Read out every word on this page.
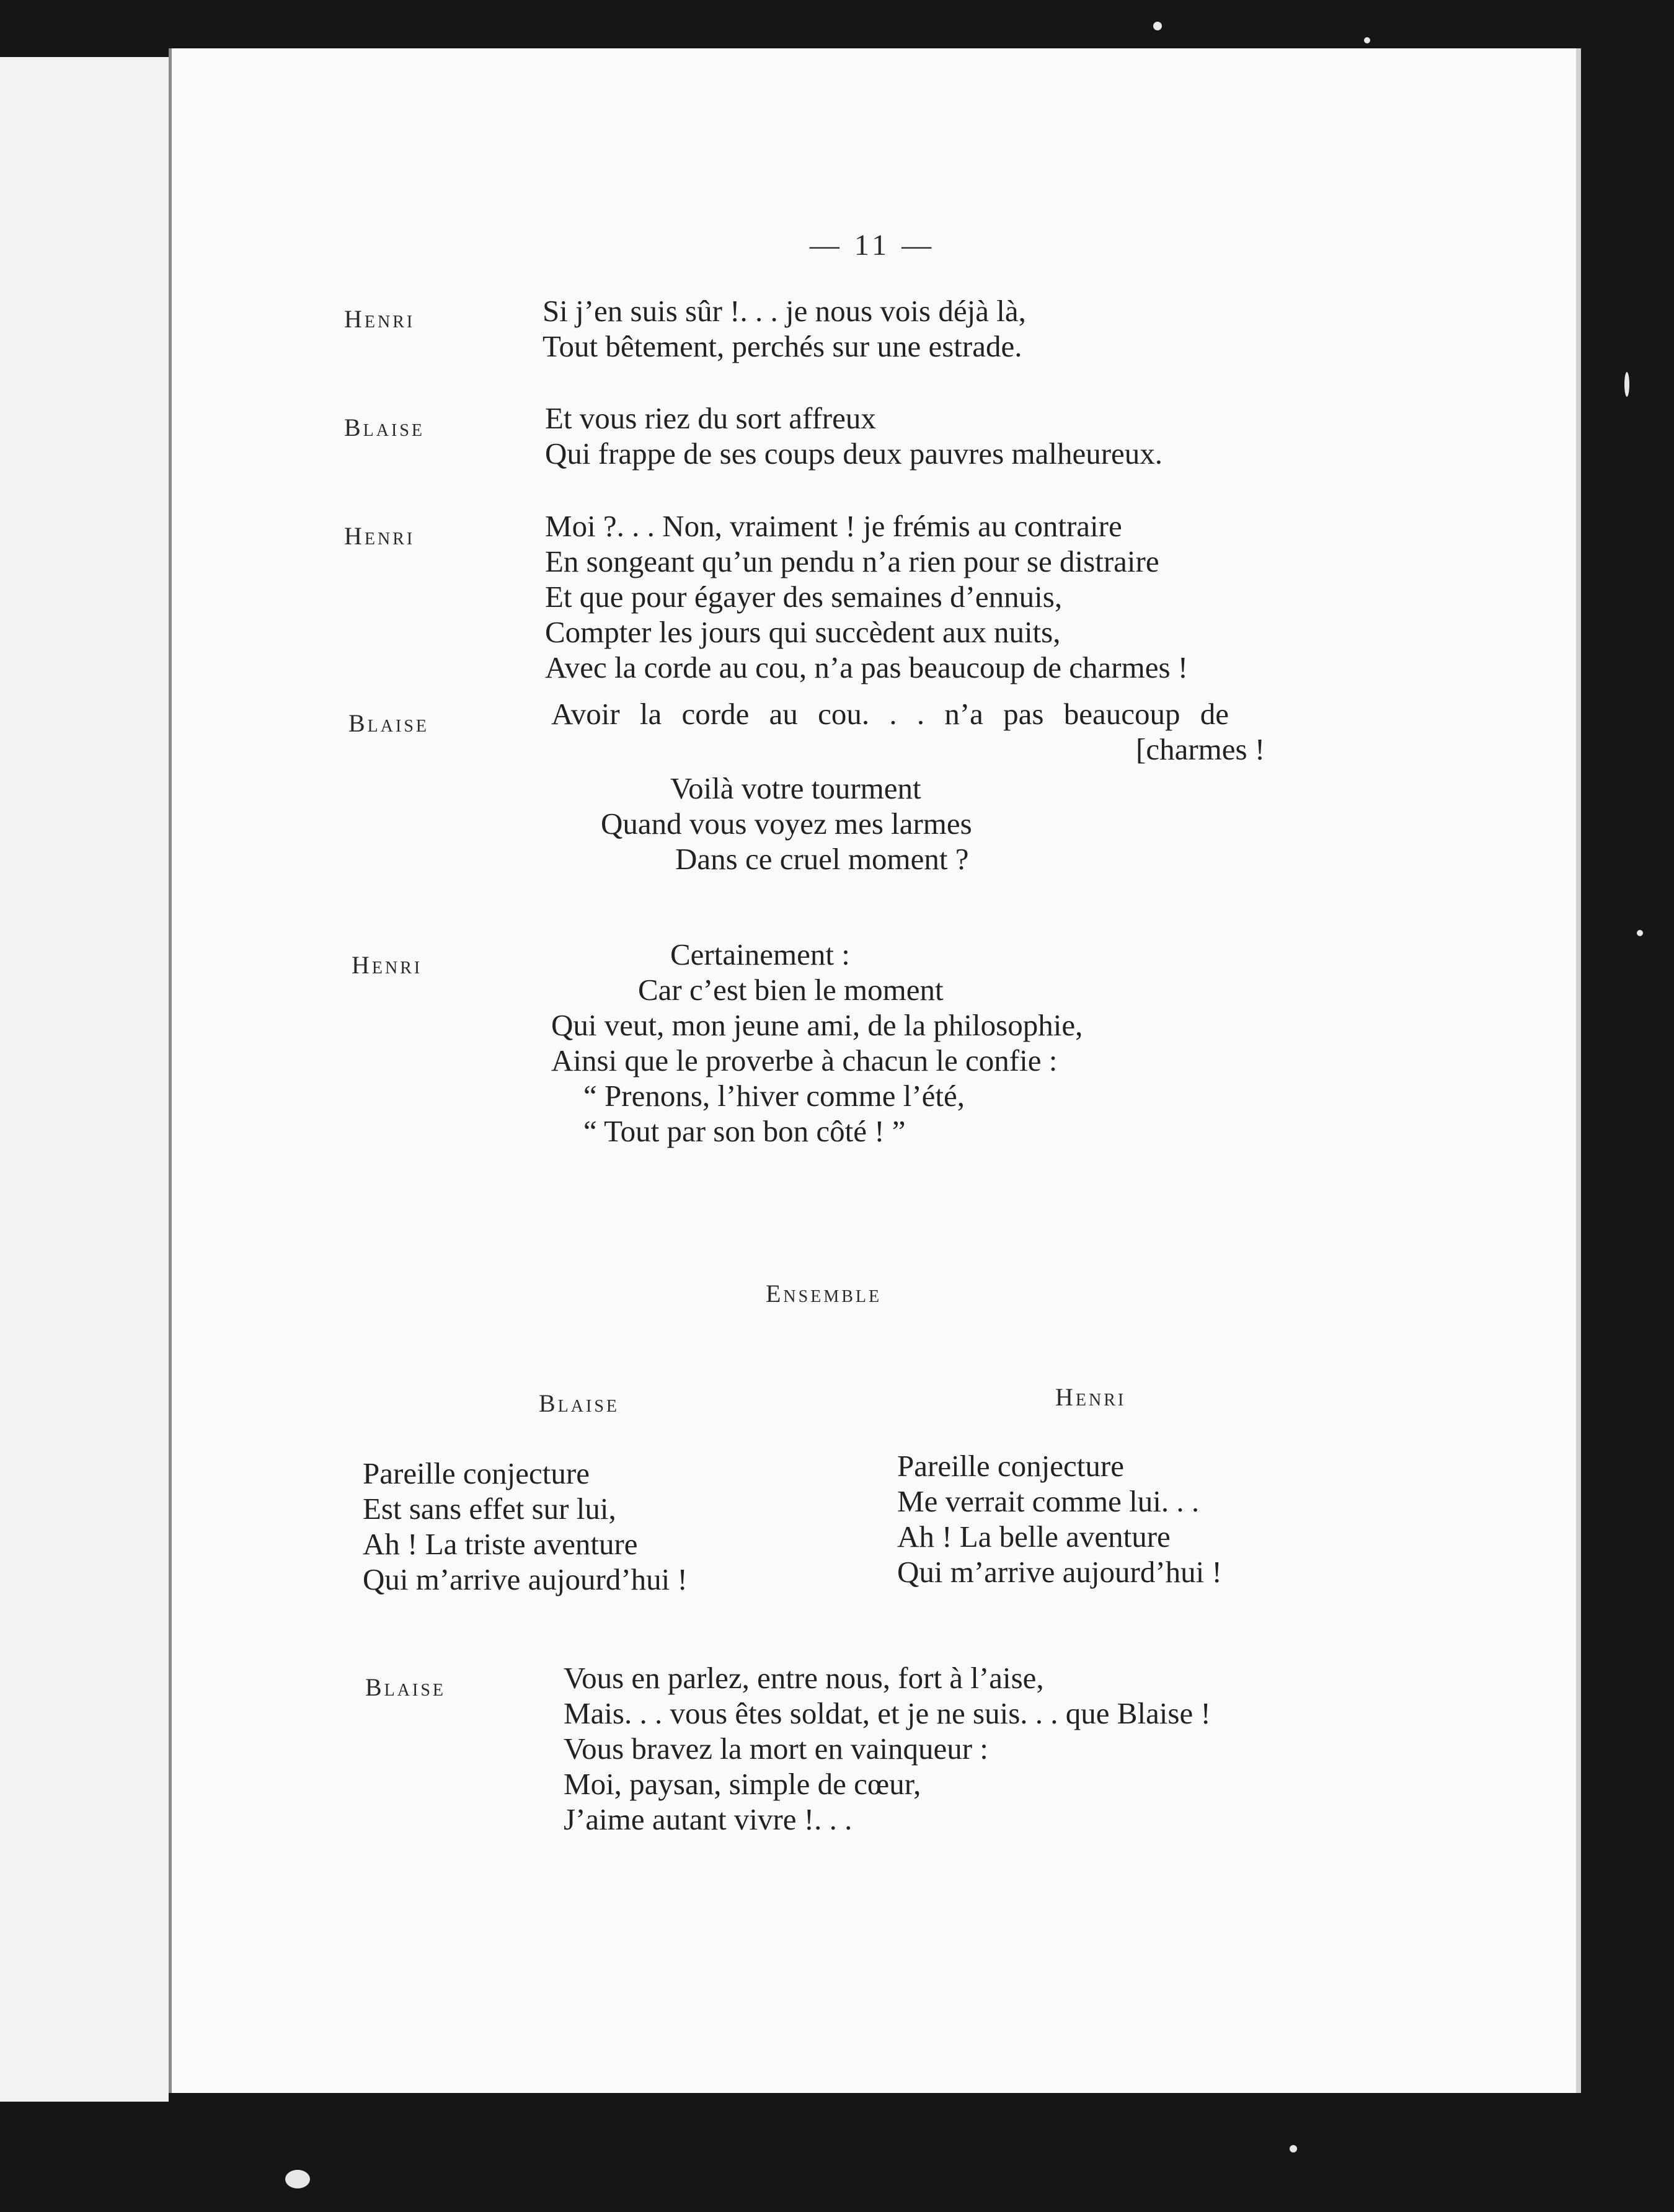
— 11 —
Henri	Si j’en suis sûr !. . . je nous vois déjà là,
Tout bêtement, perchés sur une estrade.
Blaise	Et vous riez du sort affreux
Qui frappe de ses coups deux pauvres malheureux.
Henri	Moi ?. . . Non, vraiment ! je frémis au contraire
En songeant qu’un pendu n’a rien pour se distraire
Et que pour égayer des semaines d’ennuis,
Compter les jours qui succèdent aux nuits,
Avec la corde au cou, n’a pas beaucoup de charmes !
Blaise	Avoir la corde au cou. . . n’a pas beaucoup de
[charmes !
Voilà votre tourment
Quand vous voyez mes larmes
Dans ce cruel moment ?
Henri	Certainement :
Car c’est bien le moment
Qui veut, mon jeune ami, de la philosophie,
Ainsi que le proverbe à chacun le confie :
“ Prenons, l’hiver comme l’été,
“ Tout par son bon côté ! ”
Ensemble
Blaise
Pareille conjecture
Est sans effet sur lui,
Ah ! La triste aventure
Qui m’arrive aujourd’hui !
Henri
Pareille conjecture
Me verrait comme lui. . .
Ah ! La belle aventure
Qui m’arrive aujourd’hui !
Blaise	Vous en parlez, entre nous, fort à l’aise,
Mais. . . vous êtes soldat, et je ne suis. . . que Blaise !
Vous bravez la mort en vainqueur :
Moi, paysan, simple de cœur,
J’aime autant vivre !. . .
